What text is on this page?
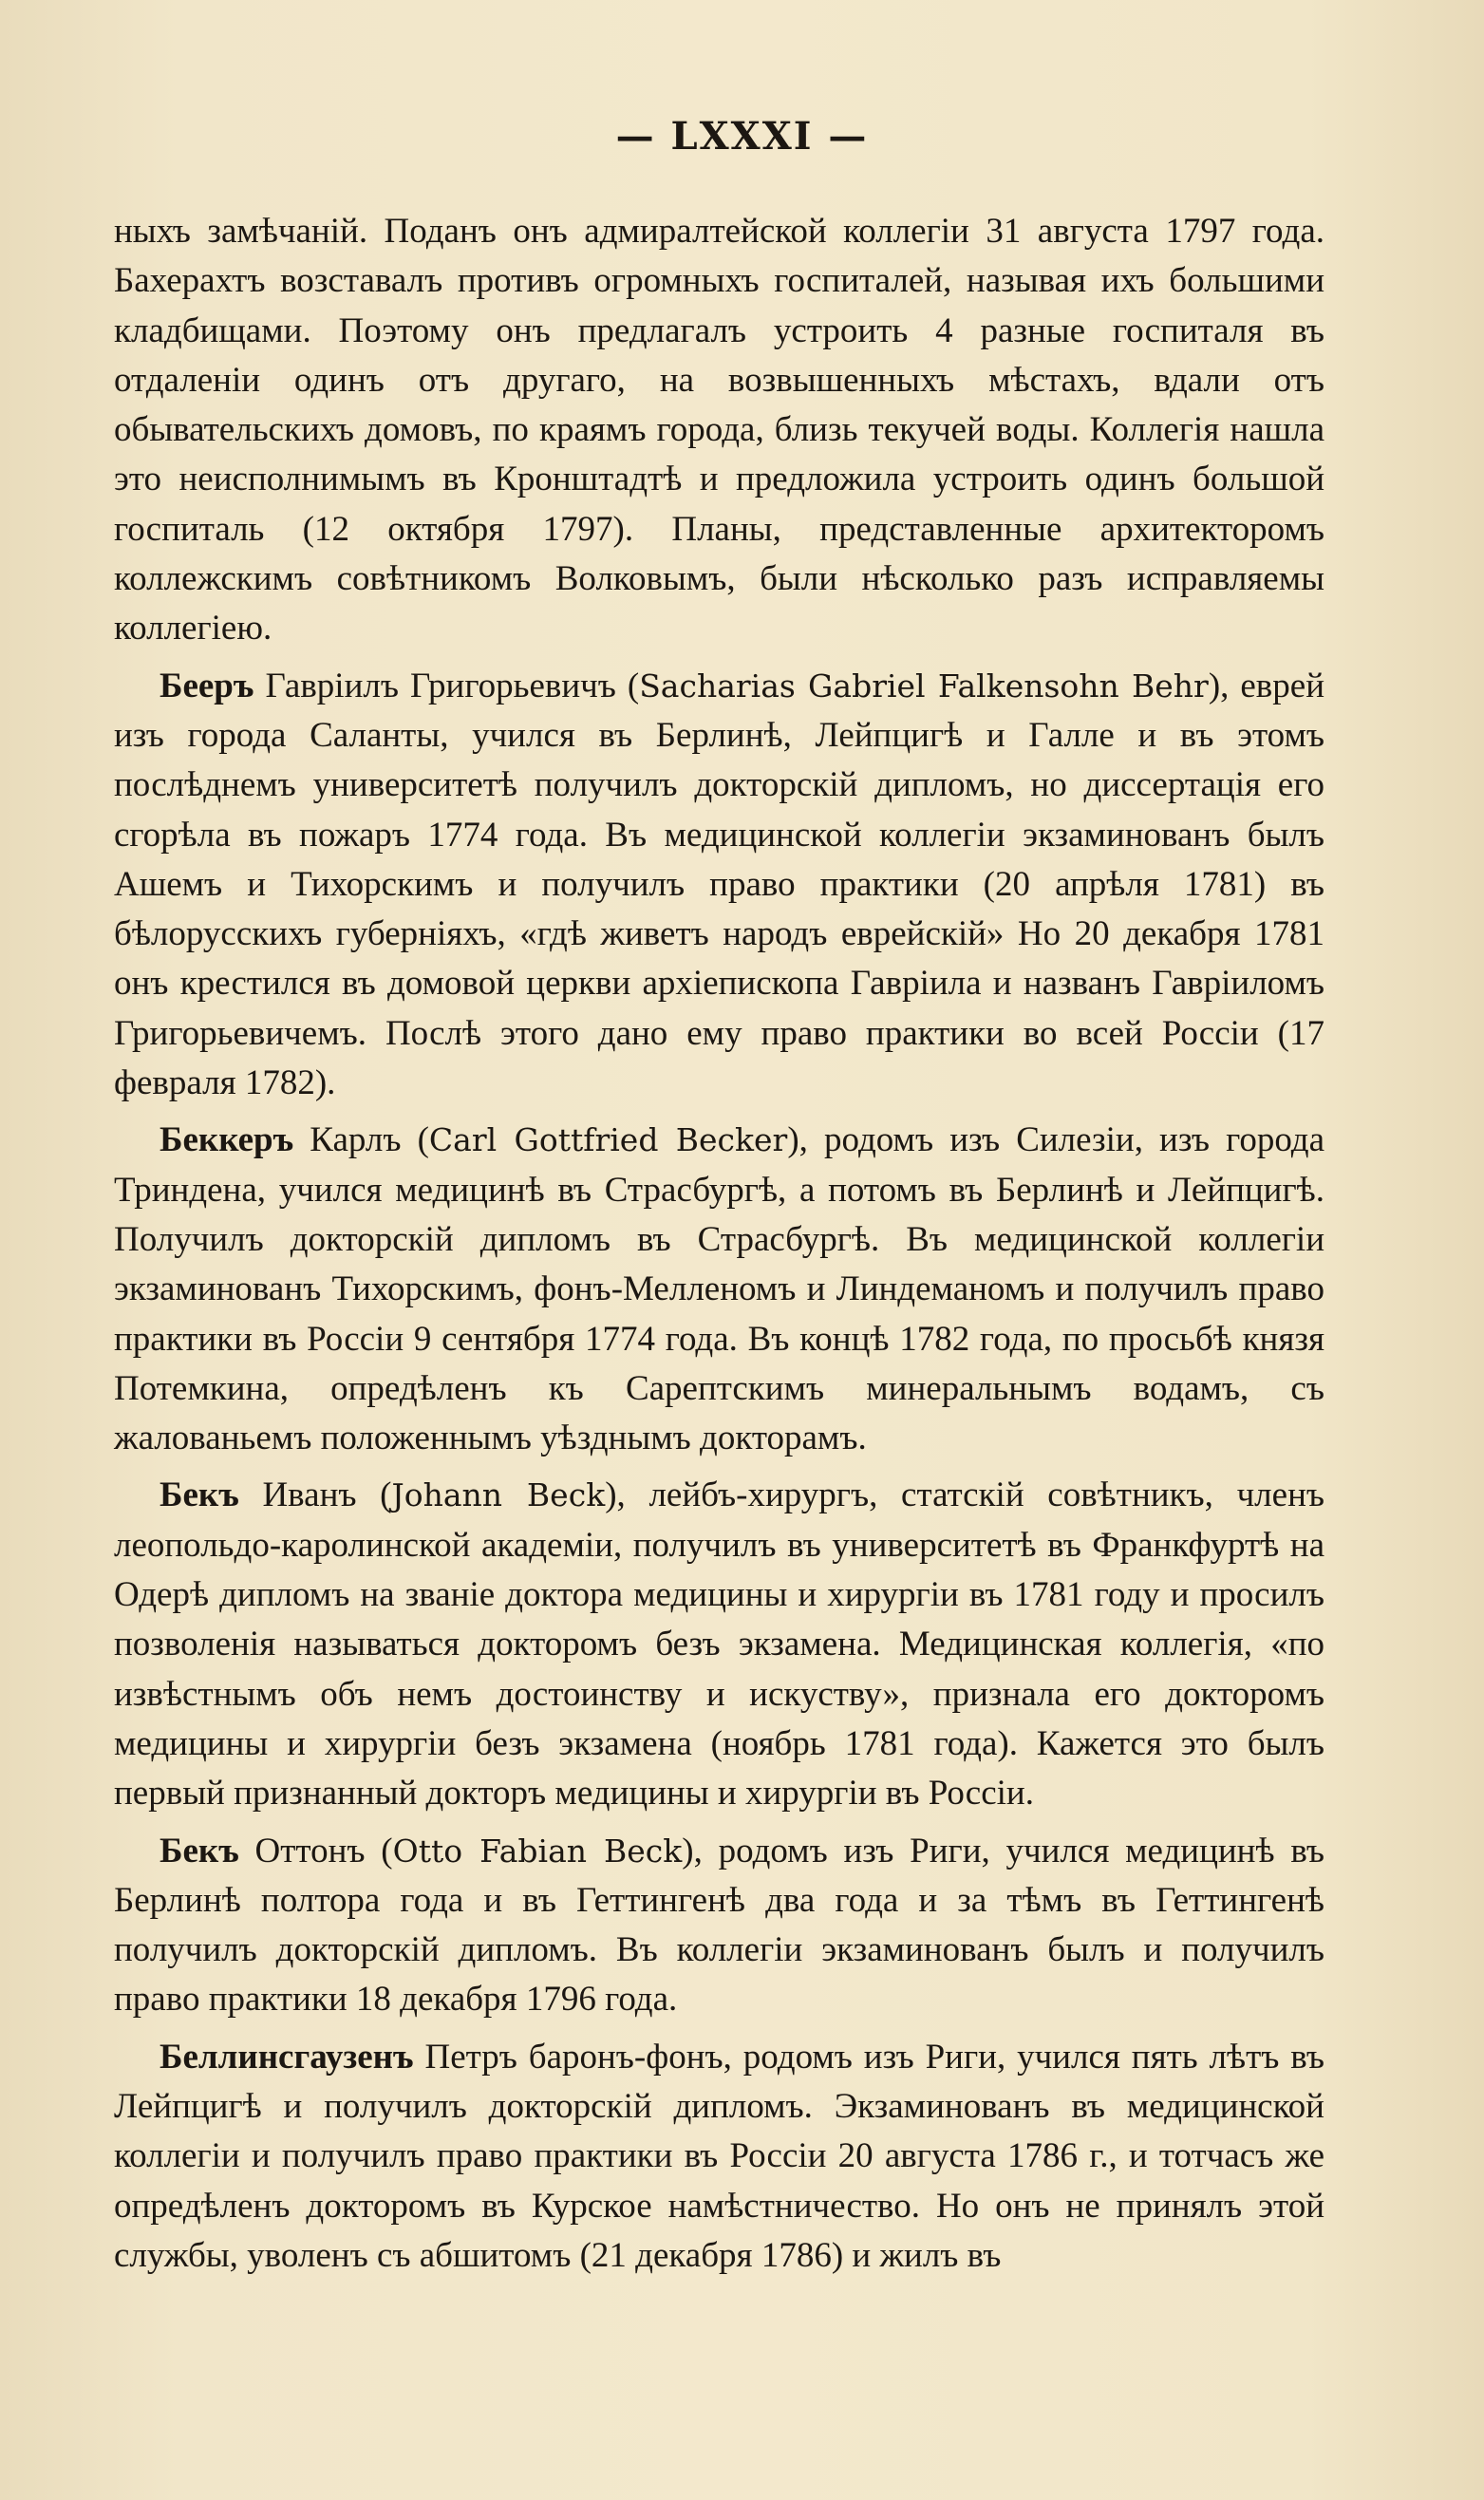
— LXXXI —

ныхъ замѣчаній. Поданъ онъ адмиралтейской коллегіи 31 августа 1797 года. Бахерахтъ возставалъ противъ огромныхъ госпиталей, называя ихъ большими кладбищами. Поэтому онъ предлагалъ устроить 4 разные госпиталя въ отдаленіи одинъ отъ другаго, на возвышенныхъ мѣстахъ, вдали отъ обывательскихъ домовъ, по краямъ города, близь текучей воды. Коллегія нашла это неисполнимымъ въ Кронштадтѣ и предложила устроить одинъ большой госпиталь (12 октября 1797). Планы, представленные архитекторомъ коллежскимъ совѣтникомъ Волковымъ, были нѣсколько разъ исправляемы коллегіею.

Беeръ Гавріилъ Григорьевичъ (Sacharias Gabriel Falkensohn Behr), еврей изъ города Саланты, учился въ Берлинѣ, Лейпцигѣ и Галле и въ этомъ послѣднемъ университетѣ получилъ докторскій дипломъ, но диссертація его сгорѣла въ пожаръ 1774 года. Въ медицинской коллегіи экзаминованъ былъ Ашемъ и Тихорскимъ и получилъ право практики (20 апрѣля 1781) въ бѣлорусскихъ губерніяхъ, «гдѣ живетъ народъ еврейскій» Но 20 декабря 1781 онъ крестился въ домовой церкви архіепископа Гавріила и названъ Гавріиломъ Григорьевичемъ. Послѣ этого дано ему право практики во всей Россіи (17 февраля 1782).

Беккеръ Карлъ (Carl Gottfried Becker), родомъ изъ Силезіи, изъ города Триндена, учился медицинѣ въ Страсбургѣ, а потомъ въ Берлинѣ и Лейпцигѣ. Получилъ докторскій дипломъ въ Страсбургѣ. Въ медицинской коллегіи экзаминованъ Тихорскимъ, фонъ-Мелленомъ и Линдеманомъ и получилъ право практики въ Россіи 9 сентября 1774 года. Въ концѣ 1782 года, по просьбѣ князя Потемкина, опредѣленъ къ Сарептскимъ минеральнымъ водамъ, съ жалованьемъ положеннымъ уѣзднымъ докторамъ.

Бекъ Иванъ (Johann Beck), лейбъ-хирургъ, статскій совѣтникъ, членъ леопольдо-каролинской академіи, получилъ въ университетѣ въ Франкфуртѣ на Одерѣ дипломъ на званіе доктора медицины и хирургіи въ 1781 году и просилъ позволенія называться докторомъ безъ экзамена. Медицинская коллегія, «по извѣстнымъ объ немъ достоинству и искуству», признала его докторомъ медицины и хирургіи безъ экзамена (ноябрь 1781 года). Кажется это былъ первый признанный докторъ медицины и хирургіи въ Россіи.

Бекъ Оттонъ (Otto Fabian Beck), родомъ изъ Риги, учился медицинѣ въ Берлинѣ полтора года и въ Геттингенѣ два года и за тѣмъ въ Геттингенѣ получилъ докторскій дипломъ. Въ коллегіи экзаминованъ былъ и получилъ право практики 18 декабря 1796 года.

Беллинсгаузенъ Петръ баронъ-фонъ, родомъ изъ Риги, учился пять лѣтъ въ Лейпцигѣ и получилъ докторскій дипломъ. Экзаминованъ въ медицинской коллегіи и получилъ право практики въ Россіи 20 августа 1786 г., и тотчасъ же опредѣленъ докторомъ въ Курское намѣстничество. Но онъ не принялъ этой службы, уволенъ съ абшитомъ (21 декабря 1786) и жилъ въ
